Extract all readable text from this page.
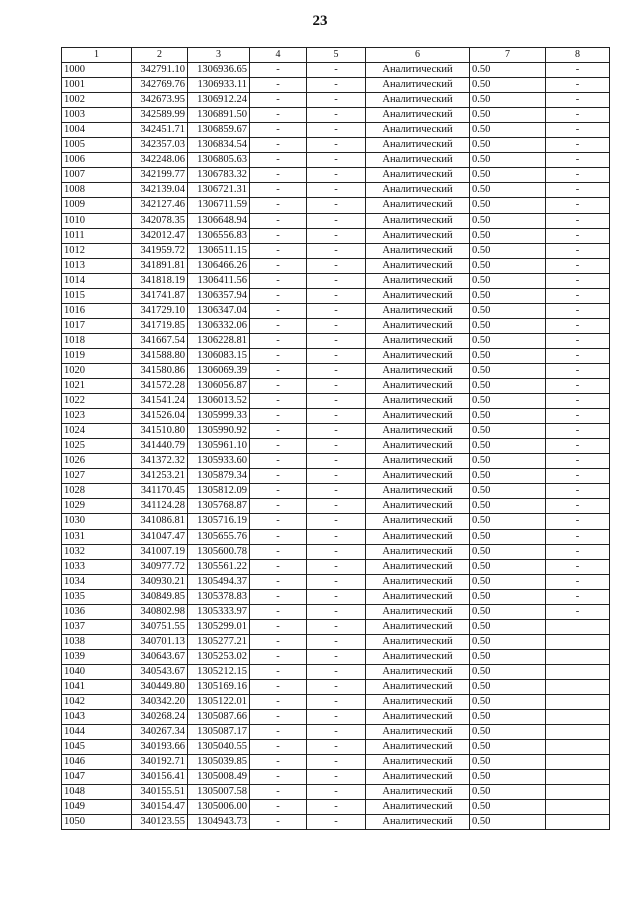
23
1	2	3	4	5	6	7	8
1000	342791.10	1306936.65	-	-	Аналитический	0.50	-
1001	342769.76	1306933.11	-	-	Аналитический	0.50	-
1002	342673.95	1306912.24	-	-	Аналитический	0.50	-
1003	342589.99	1306891.50	-	-	Аналитический	0.50	-
1004	342451.71	1306859.67	-	-	Аналитический	0.50	-
1005	342357.03	1306834.54	-	-	Аналитический	0.50	-
1006	342248.06	1306805.63	-	-	Аналитический	0.50	-
1007	342199.77	1306783.32	-	-	Аналитический	0.50	-
1008	342139.04	1306721.31	-	-	Аналитический	0.50	-
1009	342127.46	1306711.59	-	-	Аналитический	0.50	-
1010	342078.35	1306648.94	-	-	Аналитический	0.50	-
1011	342012.47	1306556.83	-	-	Аналитический	0.50	-
1012	341959.72	1306511.15	-	-	Аналитический	0.50	-
1013	341891.81	1306466.26	-	-	Аналитический	0.50	-
1014	341818.19	1306411.56	-	-	Аналитический	0.50	-
1015	341741.87	1306357.94	-	-	Аналитический	0.50	-
1016	341729.10	1306347.04	-	-	Аналитический	0.50	-
1017	341719.85	1306332.06	-	-	Аналитический	0.50	-
1018	341667.54	1306228.81	-	-	Аналитический	0.50	-
1019	341588.80	1306083.15	-	-	Аналитический	0.50	-
1020	341580.86	1306069.39	-	-	Аналитический	0.50	-
1021	341572.28	1306056.87	-	-	Аналитический	0.50	-
1022	341541.24	1306013.52	-	-	Аналитический	0.50	-
1023	341526.04	1305999.33	-	-	Аналитический	0.50	-
1024	341510.80	1305990.92	-	-	Аналитический	0.50	-
1025	341440.79	1305961.10	-	-	Аналитический	0.50	-
1026	341372.32	1305933.60	-	-	Аналитический	0.50	-
1027	341253.21	1305879.34	-	-	Аналитический	0.50	-
1028	341170.45	1305812.09	-	-	Аналитический	0.50	-
1029	341124.28	1305768.87	-	-	Аналитический	0.50	-
1030	341086.81	1305716.19	-	-	Аналитический	0.50	-
1031	341047.47	1305655.76	-	-	Аналитический	0.50	-
1032	341007.19	1305600.78	-	-	Аналитический	0.50	-
1033	340977.72	1305561.22	-	-	Аналитический	0.50	-
1034	340930.21	1305494.37	-	-	Аналитический	0.50	-
1035	340849.85	1305378.83	-	-	Аналитический	0.50	-
1036	340802.98	1305333.97	-	-	Аналитический	0.50	-
1037	340751.55	1305299.01	-	-	Аналитический	0.50	
1038	340701.13	1305277.21	-	-	Аналитический	0.50	
1039	340643.67	1305253.02	-	-	Аналитический	0.50	
1040	340543.67	1305212.15	-	-	Аналитический	0.50	
1041	340449.80	1305169.16	-	-	Аналитический	0.50	
1042	340342.20	1305122.01	-	-	Аналитический	0.50	
1043	340268.24	1305087.66	-	-	Аналитический	0.50	
1044	340267.34	1305087.17	-	-	Аналитический	0.50	
1045	340193.66	1305040.55	-	-	Аналитический	0.50	
1046	340192.71	1305039.85	-	-	Аналитический	0.50	
1047	340156.41	1305008.49	-	-	Аналитический	0.50	
1048	340155.51	1305007.58	-	-	Аналитический	0.50	
1049	340154.47	1305006.00	-	-	Аналитический	0.50	
1050	340123.55	1304943.73	-	-	Аналитический	0.50	
